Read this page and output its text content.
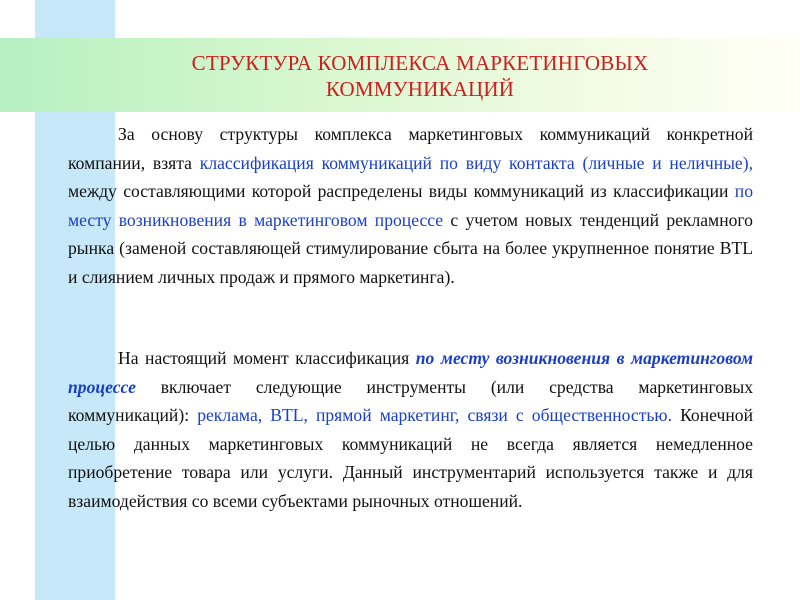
СТРУКТУРА КОМПЛЕКСА МАРКЕТИНГОВЫХ
КОММУНИКАЦИЙ

За основу структуры комплекса маркетинговых коммуникаций конкретной компании, взята классификация коммуникаций по виду контакта (личные и неличные), между составляющими которой распределены виды коммуникаций из классификации по месту возникновения в маркетинговом процессе с учетом новых тенденций рекламного рынка (заменой составляющей стимулирование сбыта на более укрупненное понятие BTL и слиянием личных продаж и прямого маркетинга).

На настоящий момент классификация по месту возникновения в маркетинговом процессе включает следующие инструменты (или средства маркетинговых коммуникаций): реклама, BTL, прямой маркетинг, связи с общественностью. Конечной целью данных маркетинговых коммуникаций не всегда является немедленное приобретение товара или услуги. Данный инструментарий используется также и для взаимодействия со всеми субъектами рыночных отношений.
